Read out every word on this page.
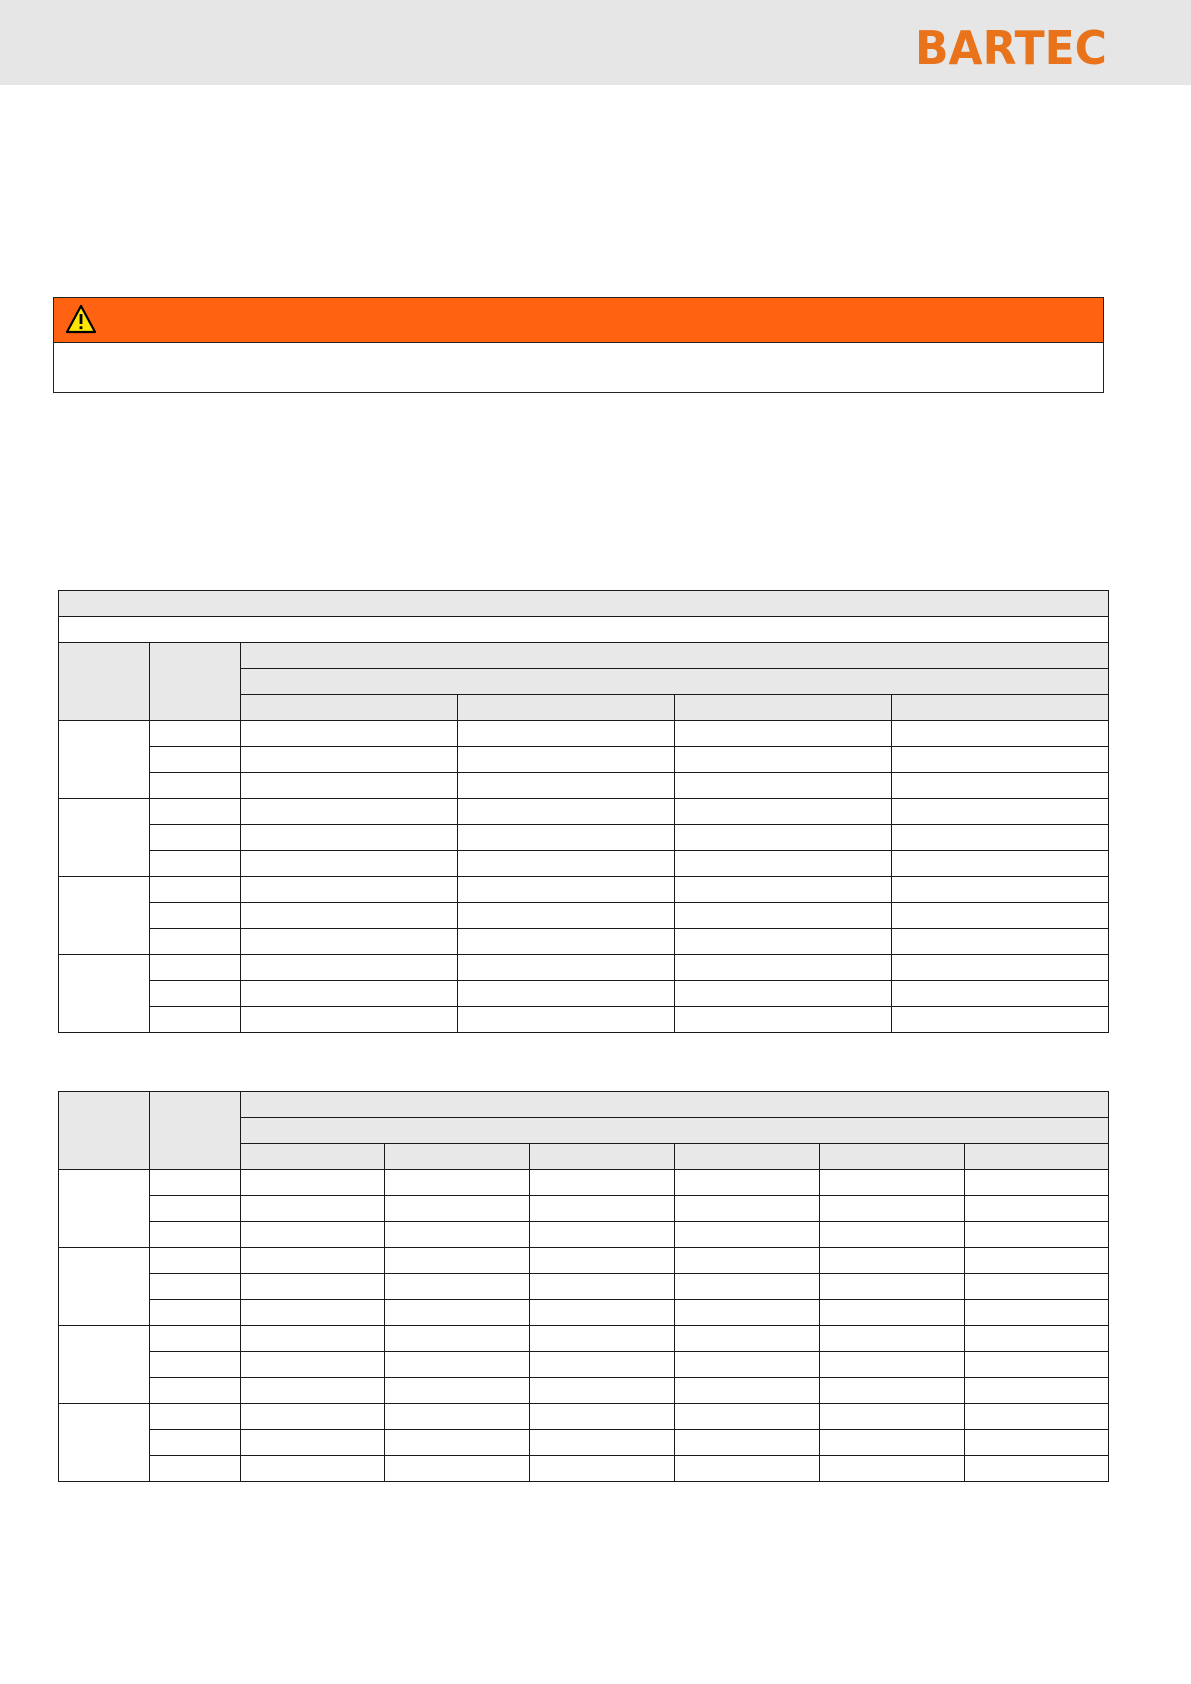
BARTEC
